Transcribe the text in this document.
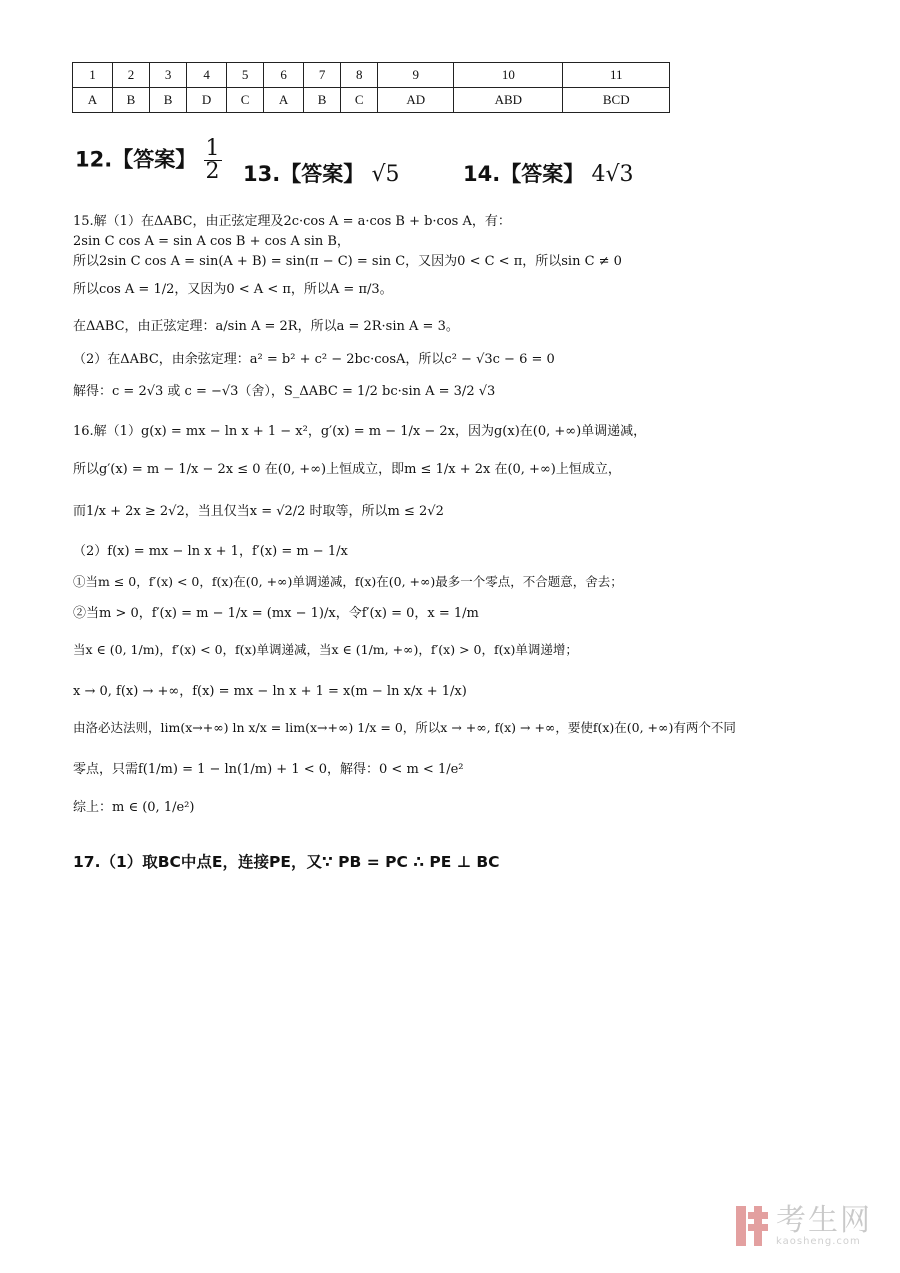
1	2	3	4	5	6	7	8	9	10	11
A	B	B	D	C	A	B	C	AD	ABD	BCD
12.【答案】 $\frac{1}{2} 13$.【答案】 √5	14.【答案】 4√3
15.解（1）在ΔABC，由正弦定理及2c·cos A = a·cos B + b·cos A，有：
2sin C cos A = sin A cos B + cos A sin B，
所以2sin C cos A = sin(A + B) = sin(π − C) = sin C，又因为0 < C < π，所以sin C ≠ 0
所以cos A = 1/2，又因为0 < A < π，所以A = π/3。
在ΔABC，由正弦定理：a/sin A = 2R，所以a = 2R·sin A = 3。
（2）在ΔABC，由余弦定理：a² = b² + c² − 2bc·cosA，所以c² − √3c − 6 = 0
解得：c = 2√3 或 c = −√3（舍），S_ΔABC = 1/2 bc·sin A = 3/2 √3
16.解（1）g(x) = mx − ln x + 1 − x²，g′(x) = m − 1/x − 2x，因为g(x)在(0, +∞)单调递减，
所以g′(x) = m − 1/x − 2x ≤ 0 在(0, +∞)上恒成立，即m ≤ 1/x + 2x 在(0, +∞)上恒成立，
而1/x + 2x ≥ 2√2，当且仅当x = √2/2 时取等，所以m ≤ 2√2
（2）f(x) = mx − ln x + 1，f′(x) = m − 1/x
①当m ≤ 0，f′(x) < 0，f(x)在(0, +∞)单调递减，f(x)在(0, +∞)最多一个零点，不合题意，舍去；
②当m > 0，f′(x) = m − 1/x = (mx − 1)/x，令f′(x) = 0，x = 1/m
当x ∈ (0, 1/m)，f′(x) < 0，f(x)单调递减，当x ∈ (1/m, +∞)，f′(x) > 0，f(x)单调递增；
x → 0, f(x) → +∞，f(x) = mx − ln x + 1 = x(m − ln x/x + 1/x)
由洛必达法则，lim(x→+∞) ln x/x = lim(x→+∞) 1/x = 0，所以x → +∞, f(x) → +∞，要使f(x)在(0, +∞)有两个不同
零点，只需f(1/m) = 1 − ln(1/m) + 1 < 0，解得：0 < m < 1/e²
综上：m ∈ (0, 1/e²)
17.（1）取BC中点E，连接PE，又∵ PB = PC ∴ PE ⊥ BC
考生网
kaosheng.com
